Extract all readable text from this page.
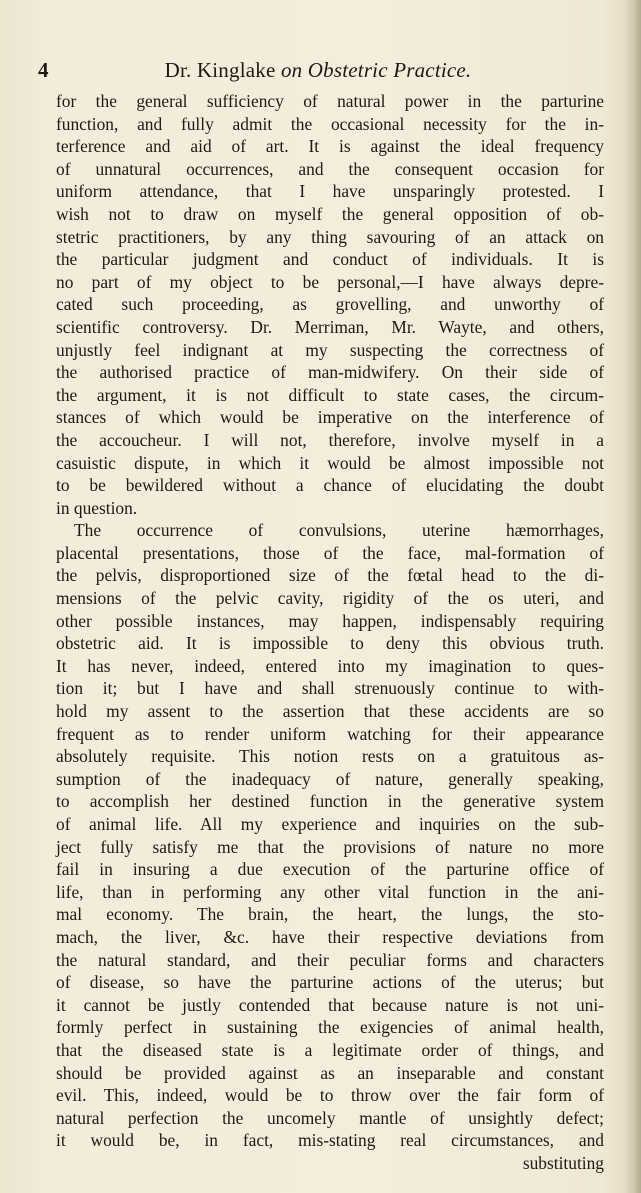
4	Dr. Kinglake on Obstetric Practice.
for the general sufficiency of natural power in the parturine
function, and fully admit the occasional necessity for the in-
terference and aid of art. It is against the ideal frequency
of unnatural occurrences, and the consequent occasion for
uniform attendance, that I have unsparingly protested. I
wish not to draw on myself the general opposition of ob-
stetric practitioners, by any thing savouring of an attack on
the particular judgment and conduct of individuals. It is
no part of my object to be personal,—I have always depre-
cated such proceeding, as grovelling, and unworthy of
scientific controversy. Dr. Merriman, Mr. Wayte, and others,
unjustly feel indignant at my suspecting the correctness of
the authorised practice of man-midwifery. On their side of
the argument, it is not difficult to state cases, the circum-
stances of which would be imperative on the interference of
the accoucheur. I will not, therefore, involve myself in a
casuistic dispute, in which it would be almost impossible not
to be bewildered without a chance of elucidating the doubt
in question.
The occurrence of convulsions, uterine hæmorrhages,
placental presentations, those of the face, mal-formation of
the pelvis, disproportioned size of the fœtal head to the di-
mensions of the pelvic cavity, rigidity of the os uteri, and
other possible instances, may happen, indispensably requiring
obstetric aid. It is impossible to deny this obvious truth.
It has never, indeed, entered into my imagination to ques-
tion it; but I have and shall strenuously continue to with-
hold my assent to the assertion that these accidents are so
frequent as to render uniform watching for their appearance
absolutely requisite. This notion rests on a gratuitous as-
sumption of the inadequacy of nature, generally speaking,
to accomplish her destined function in the generative system
of animal life. All my experience and inquiries on the sub-
ject fully satisfy me that the provisions of nature no more
fail in insuring a due execution of the parturine office of
life, than in performing any other vital function in the ani-
mal economy. The brain, the heart, the lungs, the sto-
mach, the liver, &c. have their respective deviations from
the natural standard, and their peculiar forms and characters
of disease, so have the parturine actions of the uterus; but
it cannot be justly contended that because nature is not uni-
formly perfect in sustaining the exigencies of animal health,
that the diseased state is a legitimate order of things, and
should be provided against as an inseparable and constant
evil. This, indeed, would be to throw over the fair form of
natural perfection the uncomely mantle of unsightly defect;
it would be, in fact, mis-stating real circumstances, and
substituting
